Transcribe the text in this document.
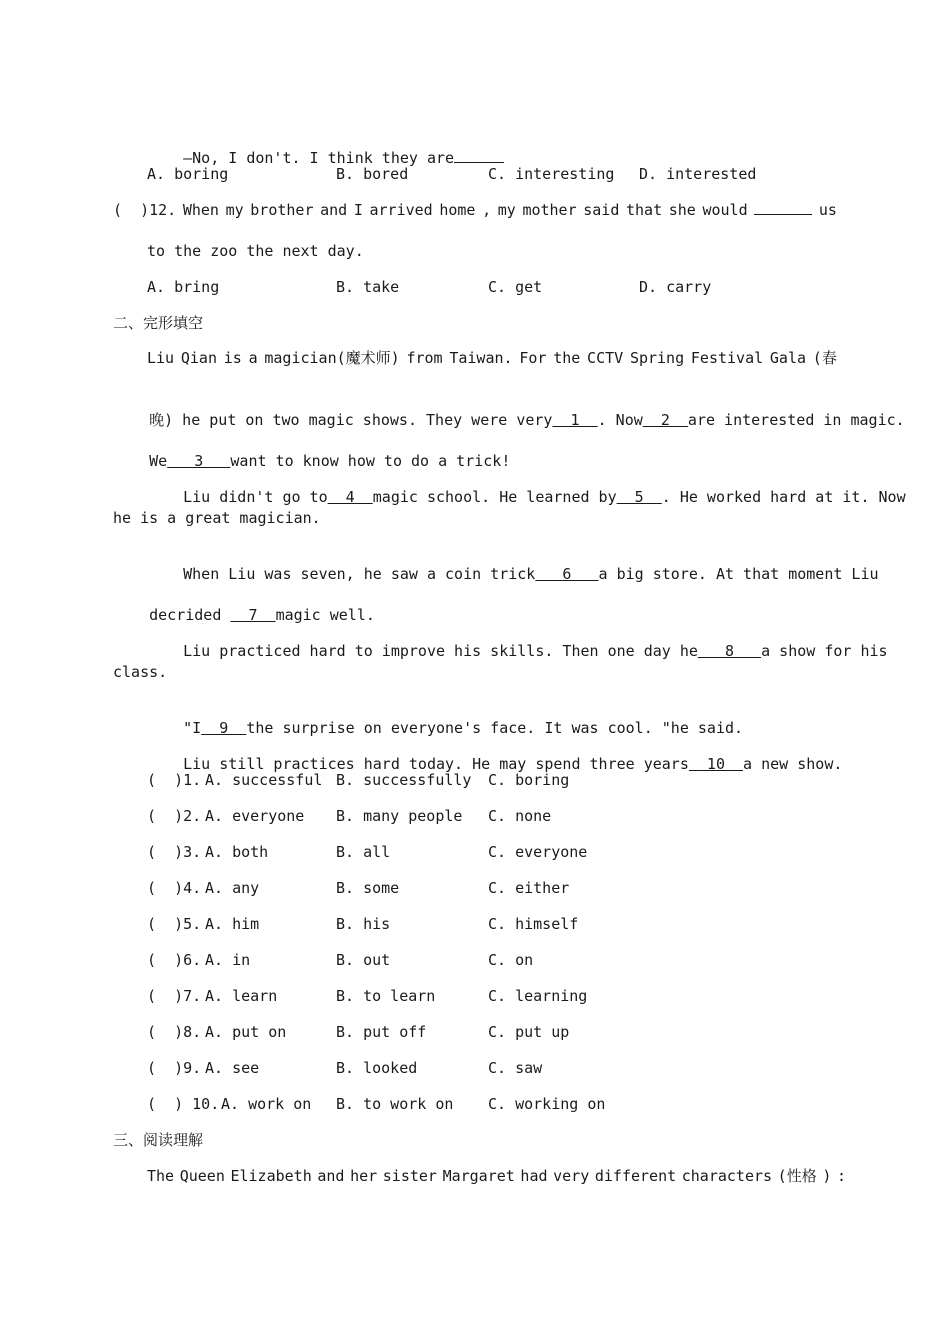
—No, I don't. I think they are

A. boring	B. bored	C. interesting D. interested
(  )12. When my brother and I arrived home , my mother said that she would	us
to the zoo the next day.
A. bring	B. take	C. get	D. carry
二、完形填空
Liu Qian is a magician(魔术师) from Taiwan. For the CCTV Spring Festival Gala (春

晚) he put on two magic shows. They were very  1  . Now  2  are interested in magic.

We   3   want to know how to do a trick!

Liu didn't go to  4  magic school. He learned by  5  . He worked hard at it. Now

he is a great magician.

When Liu was seven, he saw a coin trick   6   a big store. At that moment Liu

decrided   7  magic well.

Liu practiced hard to improve his skills. Then one day he   8   a show for his

class.

"I  9  the surprise on everyone's face. It was cool. "he said.

Liu still practices hard today. He may spend three years  10  a new show.

(  )1. A. successful B. successfully C. boring
(  )2. A. everyone B. many people C. none
(  )3. A. both	B. all	C. everyone
(  )4. A. any	B. some	C. either
(  )5. A. him	B. his	C. himself
(  )6. A. in	B. out	C. on
(  )7. A. learn	B. to learn	C. learning
(  )8. A. put on	B. put off	C. put up
(  )9. A. see	B. looked	C. saw
(  ) 10. A. work on B. to work on C. working on
三、阅读理解
The Queen Elizabeth and her sister Margaret had very different characters (性格 ) :
